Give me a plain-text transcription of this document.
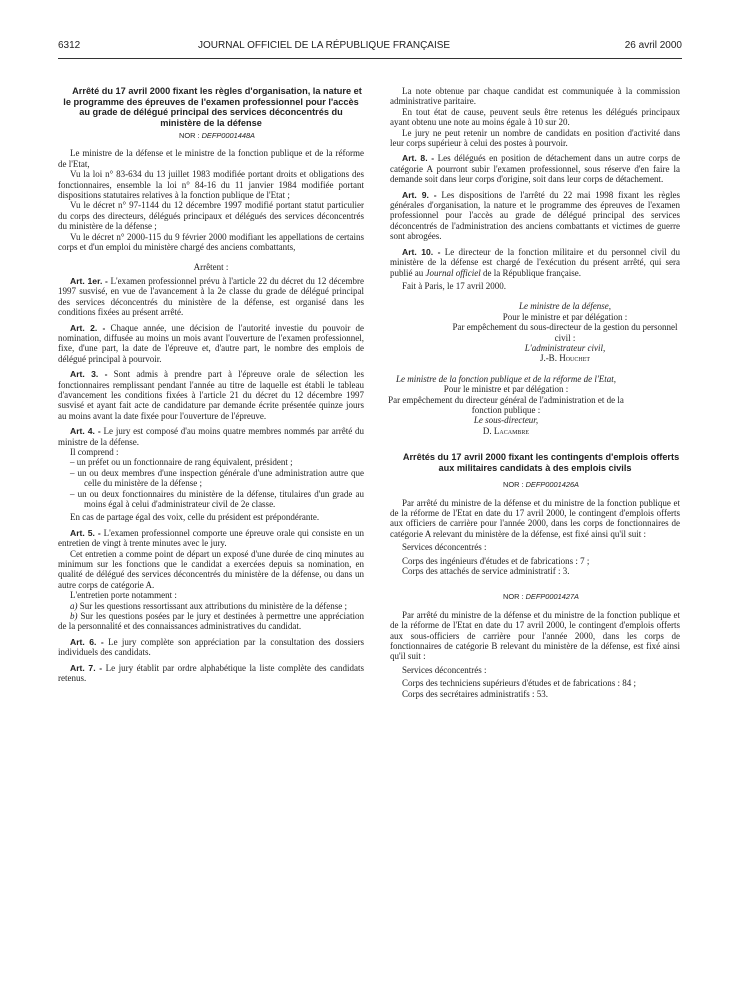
6312	JOURNAL OFFICIEL DE LA RÉPUBLIQUE FRANÇAISE	26 avril 2000

Arrêté du 17 avril 2000 fixant les règles d'organisation, la nature et le programme des épreuves de l'examen professionnel pour l'accès au grade de délégué principal des services déconcentrés du ministère de la défense

NOR : DEFP0001448A

Le ministre de la défense et le ministre de la fonction publique et de la réforme de l'Etat,

Vu la loi n° 83-634 du 13 juillet 1983 modifiée portant droits et obligations des fonctionnaires, ensemble la loi n° 84-16 du 11 janvier 1984 modifiée portant dispositions statutaires relatives à la fonction publique de l'Etat ;

Vu le décret n° 97-1144 du 12 décembre 1997 modifié portant statut particulier du corps des directeurs, délégués principaux et délégués des services déconcentrés du ministère de la défense ;

Vu le décret n° 2000-115 du 9 février 2000 modifiant les appellations de certains corps et d'un emploi du ministère chargé des anciens combattants,

Arrêtent :

Art. 1er. - L'examen professionnel prévu à l'article 22 du décret du 12 décembre 1997 susvisé, en vue de l'avancement à la 2e classe du grade de délégué principal des services déconcentrés du ministère de la défense, est organisé dans les conditions fixées au présent arrêté.

Art. 2. - Chaque année, une décision de l'autorité investie du pouvoir de nomination, diffusée au moins un mois avant l'ouverture de l'examen professionnel, fixe, d'une part, la date de l'épreuve et, d'autre part, le nombre des emplois de délégué principal à pourvoir.

Art. 3. - Sont admis à prendre part à l'épreuve orale de sélection les fonctionnaires remplissant pendant l'année au titre de laquelle est établi le tableau d'avancement les conditions fixées à l'article 21 du décret du 12 décembre 1997 susvisé et ayant fait acte de candidature par demande écrite présentée quinze jours au moins avant la date fixée pour l'ouverture de l'épreuve.

Art. 4. - Le jury est composé d'au moins quatre membres nommés par arrêté du ministre de la défense.

Il comprend :

– un préfet ou un fonctionnaire de rang équivalent, président ;

– un ou deux membres d'une inspection générale d'une administration autre que celle du ministère de la défense ;

– un ou deux fonctionnaires du ministère de la défense, titulaires d'un grade au moins égal à celui d'administrateur civil de 2e classe.

En cas de partage égal des voix, celle du président est prépondérante.

Art. 5. - L'examen professionnel comporte une épreuve orale qui consiste en un entretien de vingt à trente minutes avec le jury.

Cet entretien a comme point de départ un exposé d'une durée de cinq minutes au minimum sur les fonctions que le candidat a exercées depuis sa nomination, en qualité de délégué des services déconcentrés du ministère de la défense, ou dans un autre corps de catégorie A.

L'entretien porte notamment :

a) Sur les questions ressortissant aux attributions du ministère de la défense ;

b) Sur les questions posées par le jury et destinées à permettre une appréciation de la personnalité et des connaissances administratives du candidat.

Art. 6. - Le jury complète son appréciation par la consultation des dossiers individuels des candidats.

Art. 7. - Le jury établit par ordre alphabétique la liste complète des candidats retenus.

La note obtenue par chaque candidat est communiquée à la commission administrative paritaire.

En tout état de cause, peuvent seuls être retenus les délégués principaux ayant obtenu une note au moins égale à 10 sur 20.

Le jury ne peut retenir un nombre de candidats en position d'activité dans leur corps supérieur à celui des postes à pourvoir.

Art. 8. - Les délégués en position de détachement dans un autre corps de catégorie A pourront subir l'examen professionnel, sous réserve d'en faire la demande soit dans leur corps d'origine, soit dans leur corps de détachement.

Art. 9. - Les dispositions de l'arrêté du 22 mai 1998 fixant les règles générales d'organisation, la nature et le programme des épreuves de l'examen professionnel pour l'accès au grade de délégué principal des services déconcentrés de l'administration des anciens combattants et victimes de guerre sont abrogées.

Art. 10. - Le directeur de la fonction militaire et du personnel civil du ministère de la défense est chargé de l'exécution du présent arrêté, qui sera publié au Journal officiel de la République française.

Fait à Paris, le 17 avril 2000.

Le ministre de la défense,

Pour le ministre et par délégation :

Par empêchement du sous-directeur de la gestion du personnel civil :

L'administrateur civil,

J.-B. Houchet

Le ministre de la fonction publique et de la réforme de l'Etat,

Pour le ministre et par délégation :

Par empêchement du directeur général de l'administration et de la fonction publique :

Le sous-directeur,

D. Lacambre

Arrêtés du 17 avril 2000 fixant les contingents d'emplois offerts aux militaires candidats à des emplois civils

NOR : DEFP0001426A

Par arrêté du ministre de la défense et du ministre de la fonction publique et de la réforme de l'Etat en date du 17 avril 2000, le contingent d'emplois offerts aux officiers de carrière pour l'année 2000, dans les corps de fonctionnaires de catégorie A relevant du ministère de la défense, est fixé ainsi qu'il suit :

Services déconcentrés :

Corps des ingénieurs d'études et de fabrications : 7 ;

Corps des attachés de service administratif : 3.

NOR : DEFP0001427A

Par arrêté du ministre de la défense et du ministre de la fonction publique et de la réforme de l'Etat en date du 17 avril 2000, le contingent d'emplois offerts aux sous-officiers de carrière pour l'année 2000, dans les corps de fonctionnaires de catégorie B relevant du ministère de la défense, est fixé ainsi qu'il suit :

Services déconcentrés :

Corps des techniciens supérieurs d'études et de fabrications : 84 ;

Corps des secrétaires administratifs : 53.
